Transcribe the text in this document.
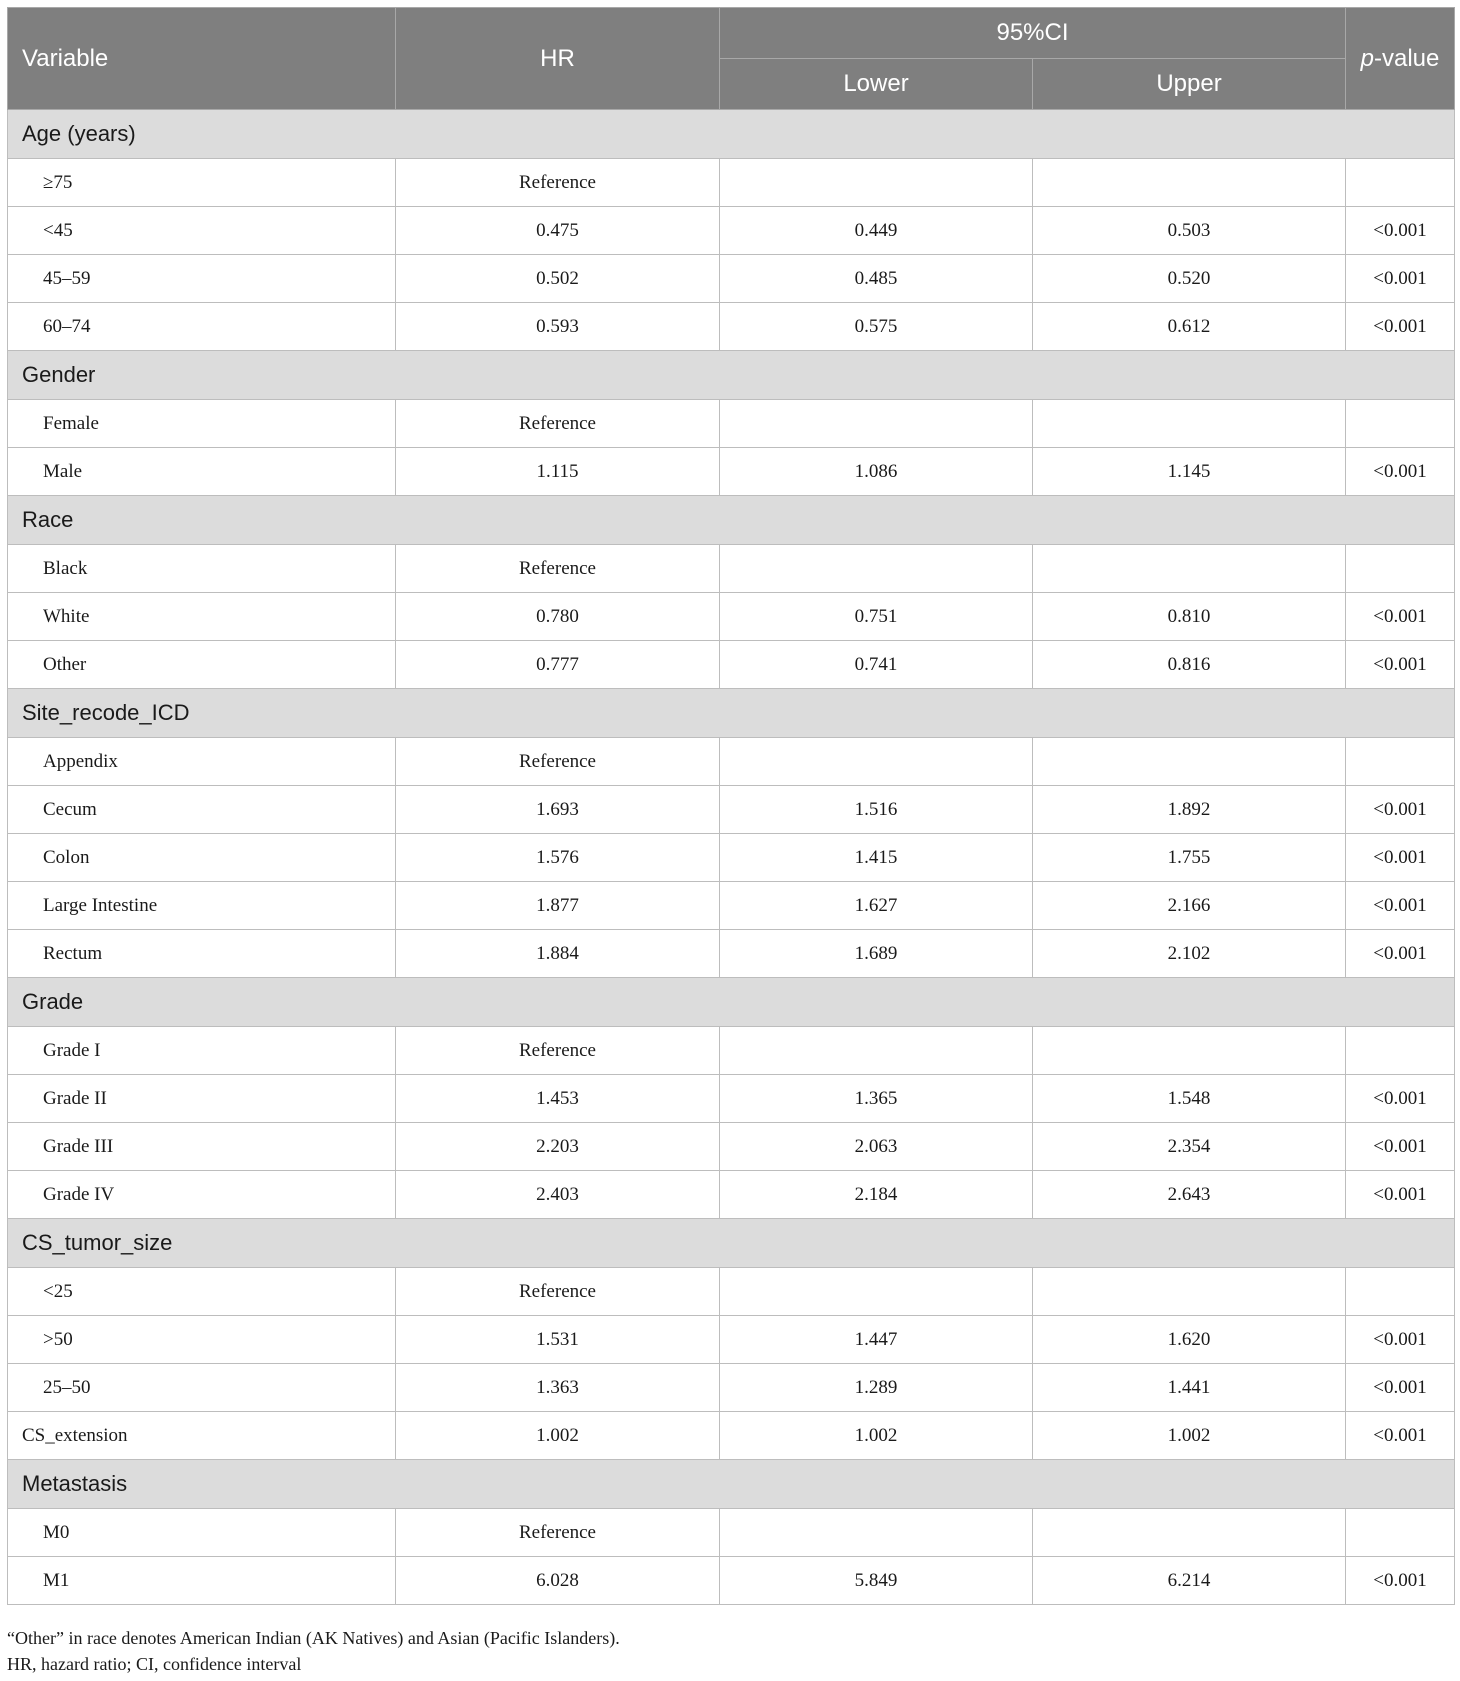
Variable	HR	95%CI		p-value
		Lower	Upper	
Age (years)				
≥75	Reference			
<45	0.475	0.449	0.503	<0.001
45–59	0.502	0.485	0.520	<0.001
60–74	0.593	0.575	0.612	<0.001
Gender				
Female	Reference			
Male	1.115	1.086	1.145	<0.001
Race				
Black	Reference			
White	0.780	0.751	0.810	<0.001
Other	0.777	0.741	0.816	<0.001
Site_recode_ICD				
Appendix	Reference			
Cecum	1.693	1.516	1.892	<0.001
Colon	1.576	1.415	1.755	<0.001
Large Intestine	1.877	1.627	2.166	<0.001
Rectum	1.884	1.689	2.102	<0.001
Grade				
Grade I	Reference			
Grade II	1.453	1.365	1.548	<0.001
Grade III	2.203	2.063	2.354	<0.001
Grade IV	2.403	2.184	2.643	<0.001
CS_tumor_size				
<25	Reference			
>50	1.531	1.447	1.620	<0.001
25–50	1.363	1.289	1.441	<0.001
CS_extension	1.002	1.002	1.002	<0.001
Metastasis				
M0	Reference			
M1	6.028	5.849	6.214	<0.001
“Other” in race denotes American Indian (AK Natives) and Asian (Pacific Islanders).
HR, hazard ratio; CI, confidence interval
